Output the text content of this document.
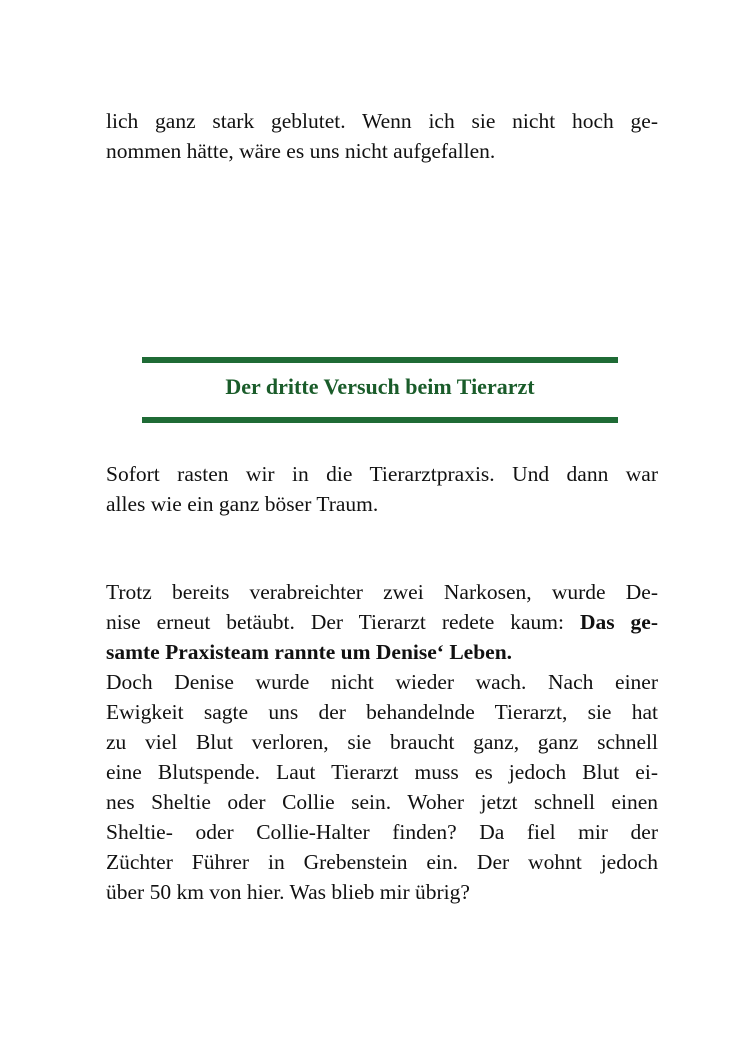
lich ganz stark geblutet. Wenn ich sie nicht hoch ge-
nommen hätte, wäre es uns nicht aufgefallen.
Der dritte Versuch beim Tierarzt
Sofort rasten wir in die Tierarztpraxis. Und dann war
alles wie ein ganz böser Traum.
Trotz bereits verabreichter zwei Narkosen, wurde De-
nise erneut betäubt. Der Tierarzt redete kaum: Das ge-
samte Praxisteam rannte um Denise‘ Leben.
Doch Denise wurde nicht wieder wach. Nach einer
Ewigkeit sagte uns der behandelnde Tierarzt, sie hat
zu viel Blut verloren, sie braucht ganz, ganz schnell
eine Blutspende. Laut Tierarzt muss es jedoch Blut ei-
nes Sheltie oder Collie sein. Woher jetzt schnell einen
Sheltie- oder Collie-Halter finden? Da fiel mir der
Züchter Führer in Grebenstein ein. Der wohnt jedoch
über 50 km von hier. Was blieb mir übrig?
